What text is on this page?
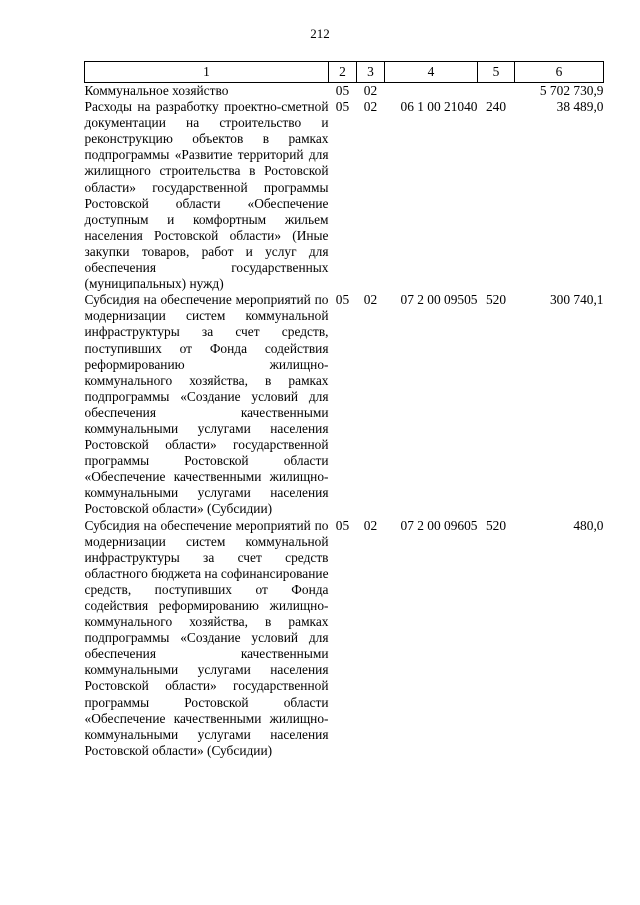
212
1	2	3	4	5	6
Коммунальное хозяйство	05	02			5 702 730,9
Расходы на разработку проектно-сметной документации на строительство и реконструкцию объектов в рамках подпрограммы «Развитие территорий для жилищного строительства в Ростовской области» государственной программы Ростовской области «Обеспечение доступным и комфортным жильем населения Ростовской области» (Иные закупки товаров, работ и услуг для обеспечения государственных (муниципальных) нужд)	05	02	06 1 00 21040	240	38 489,0
Субсидия на обеспечение мероприятий по модернизации систем коммунальной инфраструктуры за счет средств, поступивших от Фонда содействия реформированию жилищно-коммунального хозяйства, в рамках подпрограммы «Создание условий для обеспечения качественными коммунальными услугами населения Ростовской области» государственной программы Ростовской области «Обеспечение качественными жилищно-коммунальными услугами населения Ростовской области» (Субсидии)	05	02	07 2 00 09505	520	300 740,1
Субсидия на обеспечение мероприятий по модернизации систем коммунальной инфраструктуры за счет средств областного бюджета на софинансирование средств, поступивших от Фонда содействия реформированию жилищно-коммунального хозяйства, в рамках подпрограммы «Создание условий для обеспечения качественными коммунальными услугами населения Ростовской области» государственной программы Ростовской области «Обеспечение качественными жилищно-коммунальными услугами населения Ростовской области» (Субсидии)	05	02	07 2 00 09605	520	480,0
